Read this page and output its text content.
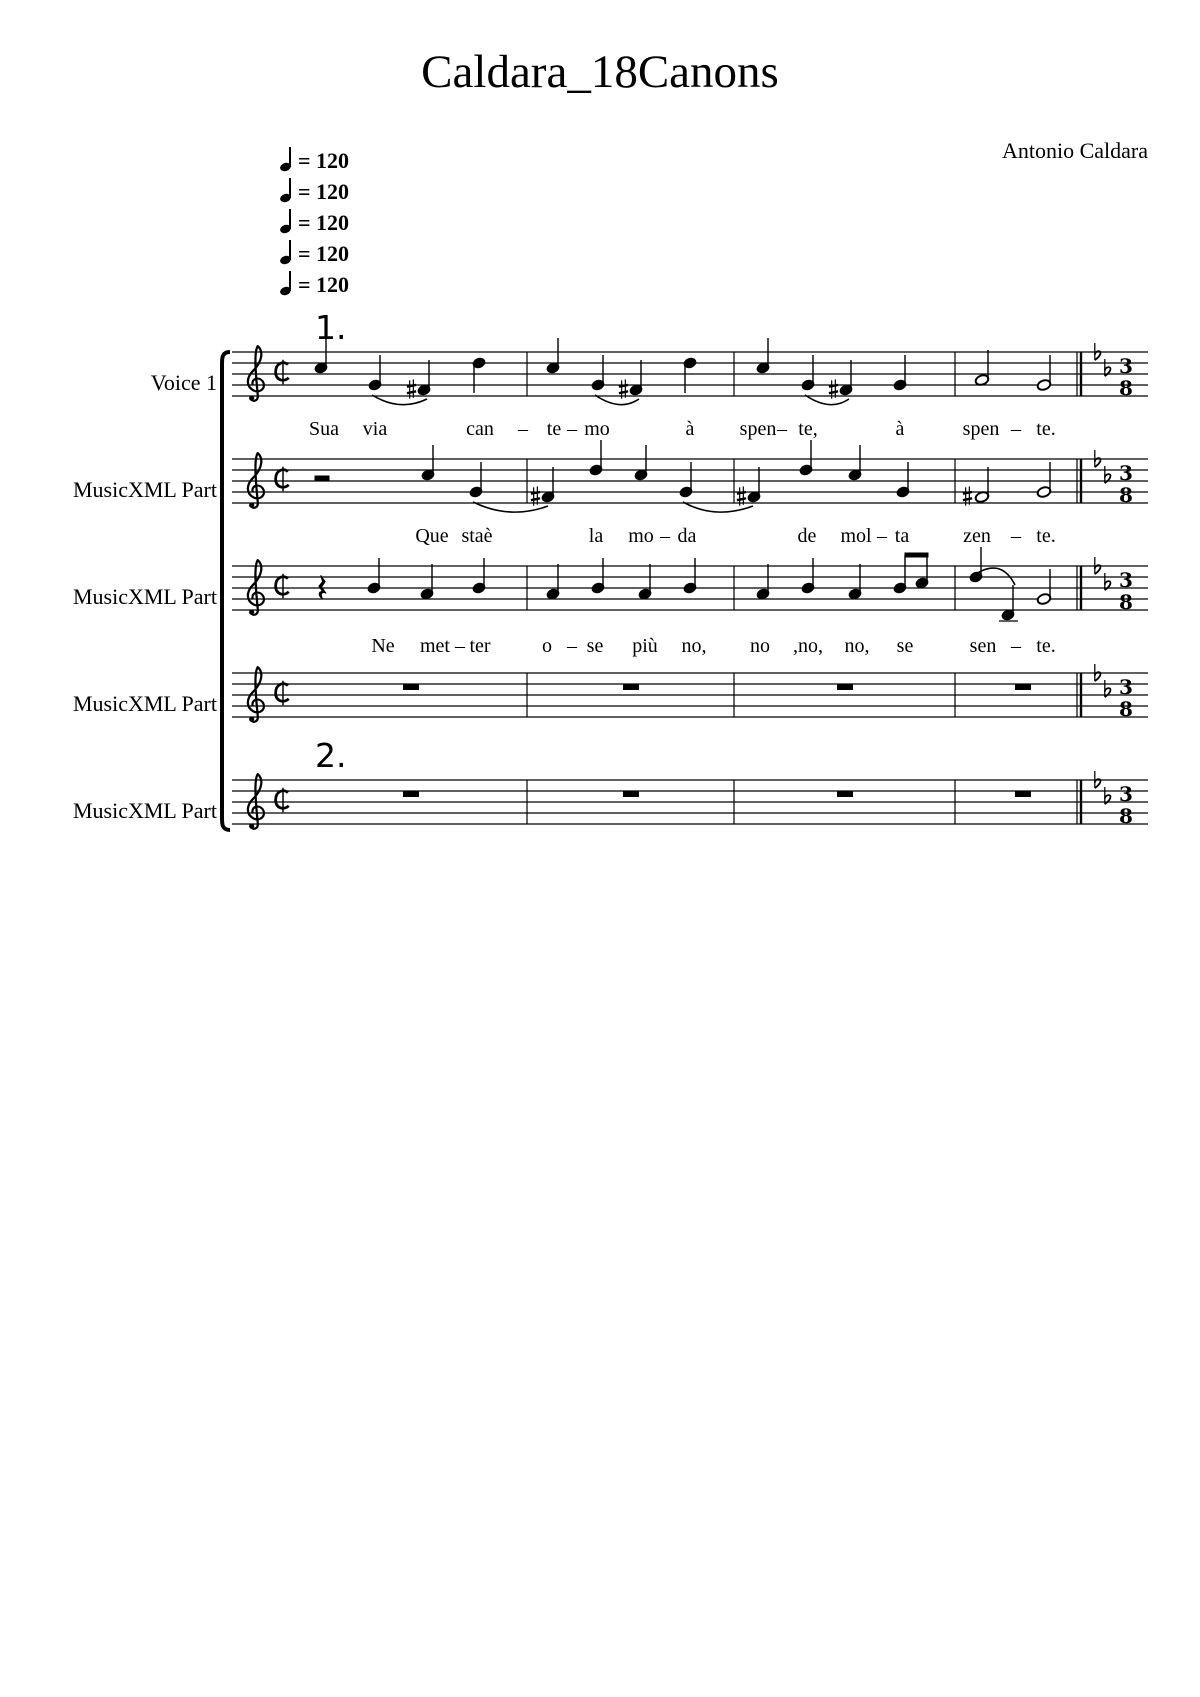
Caldara_18Canons
Antonio Caldara
= 120
= 120
= 120
= 120
= 120
1.
2.
Voice 1
MusicXML Part
MusicXML Part
MusicXML Part
MusicXML Part
Sua via	can – te – mo	à spen – te,	à	spen – te.
Que staè	la mo – da	de mol – ta	zen – te.
Ne met – ter	o – se più no, no ,no, no, se	sen – te.
3
8
3
8
3
8
3
8
3
8
